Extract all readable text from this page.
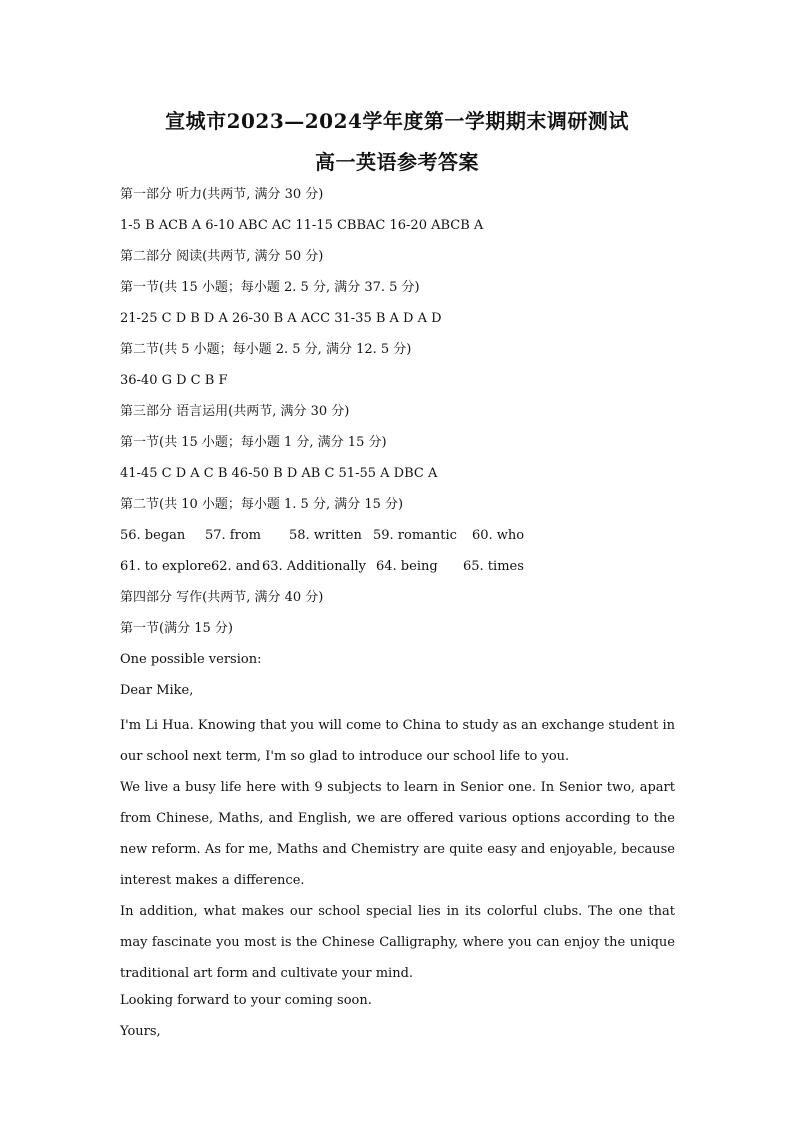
宣城市2023—2024学年度第一学期期末调研测试
高一英语参考答案
第一部分 听力(共两节, 满分 30 分)
1-5 B ACB A 6-10 ABC AC 11-15 CBBAC 16-20 ABCB A
第二部分 阅读(共两节, 满分 50 分)
第一节(共 15 小题；每小题 2. 5 分, 满分 37. 5 分)
21-25 C D B D A 26-30 B A ACC 31-35 B A D A D
第二节(共 5 小题；每小题 2. 5 分, 满分 12. 5 分)
36-40 G D C B F
第三部分 语言运用(共两节, 满分 30 分)
第一节(共 15 小题；每小题 1 分, 满分 15 分)
41-45 C D A C B 46-50 B D AB C 51-55 A DBC A
第二节(共 10 小题；每小题 1. 5 分, 满分 15 分)
56. began 57. from 58. written 59. romantic 60. who
61. to explore62. and 63. Additionally 64. being 65. times
第四部分 写作(共两节, 满分 40 分)
第一节(满分 15 分)
One possible version:
Dear Mike,
I'm Li Hua. Knowing that you will come to China to study as an exchange student in our school next term, I'm so glad to introduce our school life to you.
We live a busy life here with 9 subjects to learn in Senior one. In Senior two, apart from Chinese, Maths, and English, we are offered various options according to the new reform. As for me, Maths and Chemistry are quite easy and enjoyable, because interest makes a difference.
In addition, what makes our school special lies in its colorful clubs. The one that may fascinate you most is the Chinese Calligraphy, where you can enjoy the unique traditional art form and cultivate your mind.
Looking forward to your coming soon.
Yours,
